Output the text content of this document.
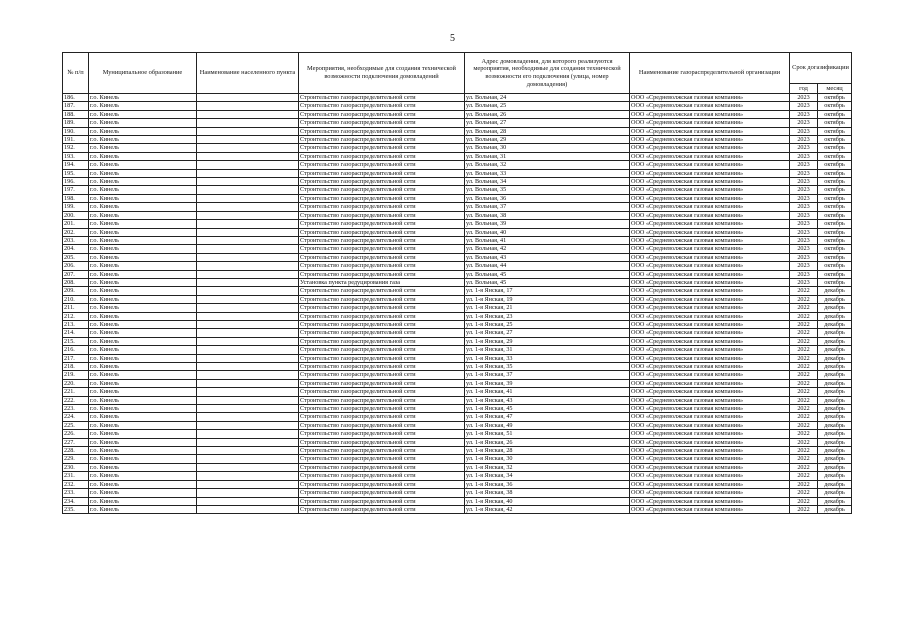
5
№ п/п	Муниципальное образование	Наименование населенного пункта	Мероприятия, необходимые для создания технической возможности подключения домовладений	Адрес домовладения, для которого реализуются мероприятия, необходимые для создания технической возможности его подключения (улица, номер домовладения)	Наименование газораспределительной организации	Срок догазификации	
						год	месяц
186.	г.о. Кинель		Строительство газораспределительной сети	ул. Вольная, 24	ООО «Средневолжская газовая компания»	2023	октябрь
187.	г.о. Кинель		Строительство газораспределительной сети	ул. Вольная, 25	ООО «Средневолжская газовая компания»	2023	октябрь
188.	г.о. Кинель		Строительство газораспределительной сети	ул. Вольная, 26	ООО «Средневолжская газовая компания»	2023	октябрь
189.	г.о. Кинель		Строительство газораспределительной сети	ул. Вольная, 27	ООО «Средневолжская газовая компания»	2023	октябрь
190.	г.о. Кинель		Строительство газораспределительной сети	ул. Вольная, 28	ООО «Средневолжская газовая компания»	2023	октябрь
191.	г.о. Кинель		Строительство газораспределительной сети	ул. Вольная, 29	ООО «Средневолжская газовая компания»	2023	октябрь
192.	г.о. Кинель		Строительство газораспределительной сети	ул. Вольная, 30	ООО «Средневолжская газовая компания»	2023	октябрь
193.	г.о. Кинель		Строительство газораспределительной сети	ул. Вольная, 31	ООО «Средневолжская газовая компания»	2023	октябрь
194.	г.о. Кинель		Строительство газораспределительной сети	ул. Вольная, 32	ООО «Средневолжская газовая компания»	2023	октябрь
195.	г.о. Кинель		Строительство газораспределительной сети	ул. Вольная, 33	ООО «Средневолжская газовая компания»	2023	октябрь
196.	г.о. Кинель		Строительство газораспределительной сети	ул. Вольная, 34	ООО «Средневолжская газовая компания»	2023	октябрь
197.	г.о. Кинель		Строительство газораспределительной сети	ул. Вольная, 35	ООО «Средневолжская газовая компания»	2023	октябрь
198.	г.о. Кинель		Строительство газораспределительной сети	ул. Вольная, 36	ООО «Средневолжская газовая компания»	2023	октябрь
199.	г.о. Кинель		Строительство газораспределительной сети	ул. Вольная, 37	ООО «Средневолжская газовая компания»	2023	октябрь
200.	г.о. Кинель		Строительство газораспределительной сети	ул. Вольная, 38	ООО «Средневолжская газовая компания»	2023	октябрь
201.	г.о. Кинель		Строительство газораспределительной сети	ул. Вольная, 39	ООО «Средневолжская газовая компания»	2023	октябрь
202.	г.о. Кинель		Строительство газораспределительной сети	ул. Вольная, 40	ООО «Средневолжская газовая компания»	2023	октябрь
203.	г.о. Кинель		Строительство газораспределительной сети	ул. Вольная, 41	ООО «Средневолжская газовая компания»	2023	октябрь
204.	г.о. Кинель		Строительство газораспределительной сети	ул. Вольная, 42	ООО «Средневолжская газовая компания»	2023	октябрь
205.	г.о. Кинель		Строительство газораспределительной сети	ул. Вольная, 43	ООО «Средневолжская газовая компания»	2023	октябрь
206.	г.о. Кинель		Строительство газораспределительной сети	ул. Вольная, 44	ООО «Средневолжская газовая компания»	2023	октябрь
207.	г.о. Кинель		Строительство газораспределительной сети	ул. Вольная, 45	ООО «Средневолжская газовая компания»	2023	октябрь
208.	г.о. Кинель		Установка пункта редуцирования газа	ул. Вольная, 45	ООО «Средневолжская газовая компания»	2023	октябрь
209.	г.о. Кинель		Строительство газораспределительной сети	ул. 1-я Янская, 17	ООО «Средневолжская газовая компания»	2022	декабрь
210.	г.о. Кинель		Строительство газораспределительной сети	ул. 1-я Янская, 19	ООО «Средневолжская газовая компания»	2022	декабрь
211.	г.о. Кинель		Строительство газораспределительной сети	ул. 1-я Янская, 21	ООО «Средневолжская газовая компания»	2022	декабрь
212.	г.о. Кинель		Строительство газораспределительной сети	ул. 1-я Янская, 23	ООО «Средневолжская газовая компания»	2022	декабрь
213.	г.о. Кинель		Строительство газораспределительной сети	ул. 1-я Янская, 25	ООО «Средневолжская газовая компания»	2022	декабрь
214.	г.о. Кинель		Строительство газораспределительной сети	ул. 1-я Янская, 27	ООО «Средневолжская газовая компания»	2022	декабрь
215.	г.о. Кинель		Строительство газораспределительной сети	ул. 1-я Янская, 29	ООО «Средневолжская газовая компания»	2022	декабрь
216.	г.о. Кинель		Строительство газораспределительной сети	ул. 1-я Янская, 31	ООО «Средневолжская газовая компания»	2022	декабрь
217.	г.о. Кинель		Строительство газораспределительной сети	ул. 1-я Янская, 33	ООО «Средневолжская газовая компания»	2022	декабрь
218.	г.о. Кинель		Строительство газораспределительной сети	ул. 1-я Янская, 35	ООО «Средневолжская газовая компания»	2022	декабрь
219.	г.о. Кинель		Строительство газораспределительной сети	ул. 1-я Янская, 37	ООО «Средневолжская газовая компания»	2022	декабрь
220.	г.о. Кинель		Строительство газораспределительной сети	ул. 1-я Янская, 39	ООО «Средневолжская газовая компания»	2022	декабрь
221.	г.о. Кинель		Строительство газораспределительной сети	ул. 1-я Янская, 41	ООО «Средневолжская газовая компания»	2022	декабрь
222.	г.о. Кинель		Строительство газораспределительной сети	ул. 1-я Янская, 43	ООО «Средневолжская газовая компания»	2022	декабрь
223.	г.о. Кинель		Строительство газораспределительной сети	ул. 1-я Янская, 45	ООО «Средневолжская газовая компания»	2022	декабрь
224.	г.о. Кинель		Строительство газораспределительной сети	ул. 1-я Янская, 47	ООО «Средневолжская газовая компания»	2022	декабрь
225.	г.о. Кинель		Строительство газораспределительной сети	ул. 1-я Янская, 49	ООО «Средневолжская газовая компания»	2022	декабрь
226.	г.о. Кинель		Строительство газораспределительной сети	ул. 1-я Янская, 51	ООО «Средневолжская газовая компания»	2022	декабрь
227.	г.о. Кинель		Строительство газораспределительной сети	ул. 1-я Янская, 26	ООО «Средневолжская газовая компания»	2022	декабрь
228.	г.о. Кинель		Строительство газораспределительной сети	ул. 1-я Янская, 28	ООО «Средневолжская газовая компания»	2022	декабрь
229.	г.о. Кинель		Строительство газораспределительной сети	ул. 1-я Янская, 30	ООО «Средневолжская газовая компания»	2022	декабрь
230.	г.о. Кинель		Строительство газораспределительной сети	ул. 1-я Янская, 32	ООО «Средневолжская газовая компания»	2022	декабрь
231.	г.о. Кинель		Строительство газораспределительной сети	ул. 1-я Янская, 34	ООО «Средневолжская газовая компания»	2022	декабрь
232.	г.о. Кинель		Строительство газораспределительной сети	ул. 1-я Янская, 36	ООО «Средневолжская газовая компания»	2022	декабрь
233.	г.о. Кинель		Строительство газораспределительной сети	ул. 1-я Янская, 38	ООО «Средневолжская газовая компания»	2022	декабрь
234.	г.о. Кинель		Строительство газораспределительной сети	ул. 1-я Янская, 40	ООО «Средневолжская газовая компания»	2022	декабрь
235.	г.о. Кинель		Строительство газораспределительной сети	ул. 1-я Янская, 42	ООО «Средневолжская газовая компания»	2022	декабрь
